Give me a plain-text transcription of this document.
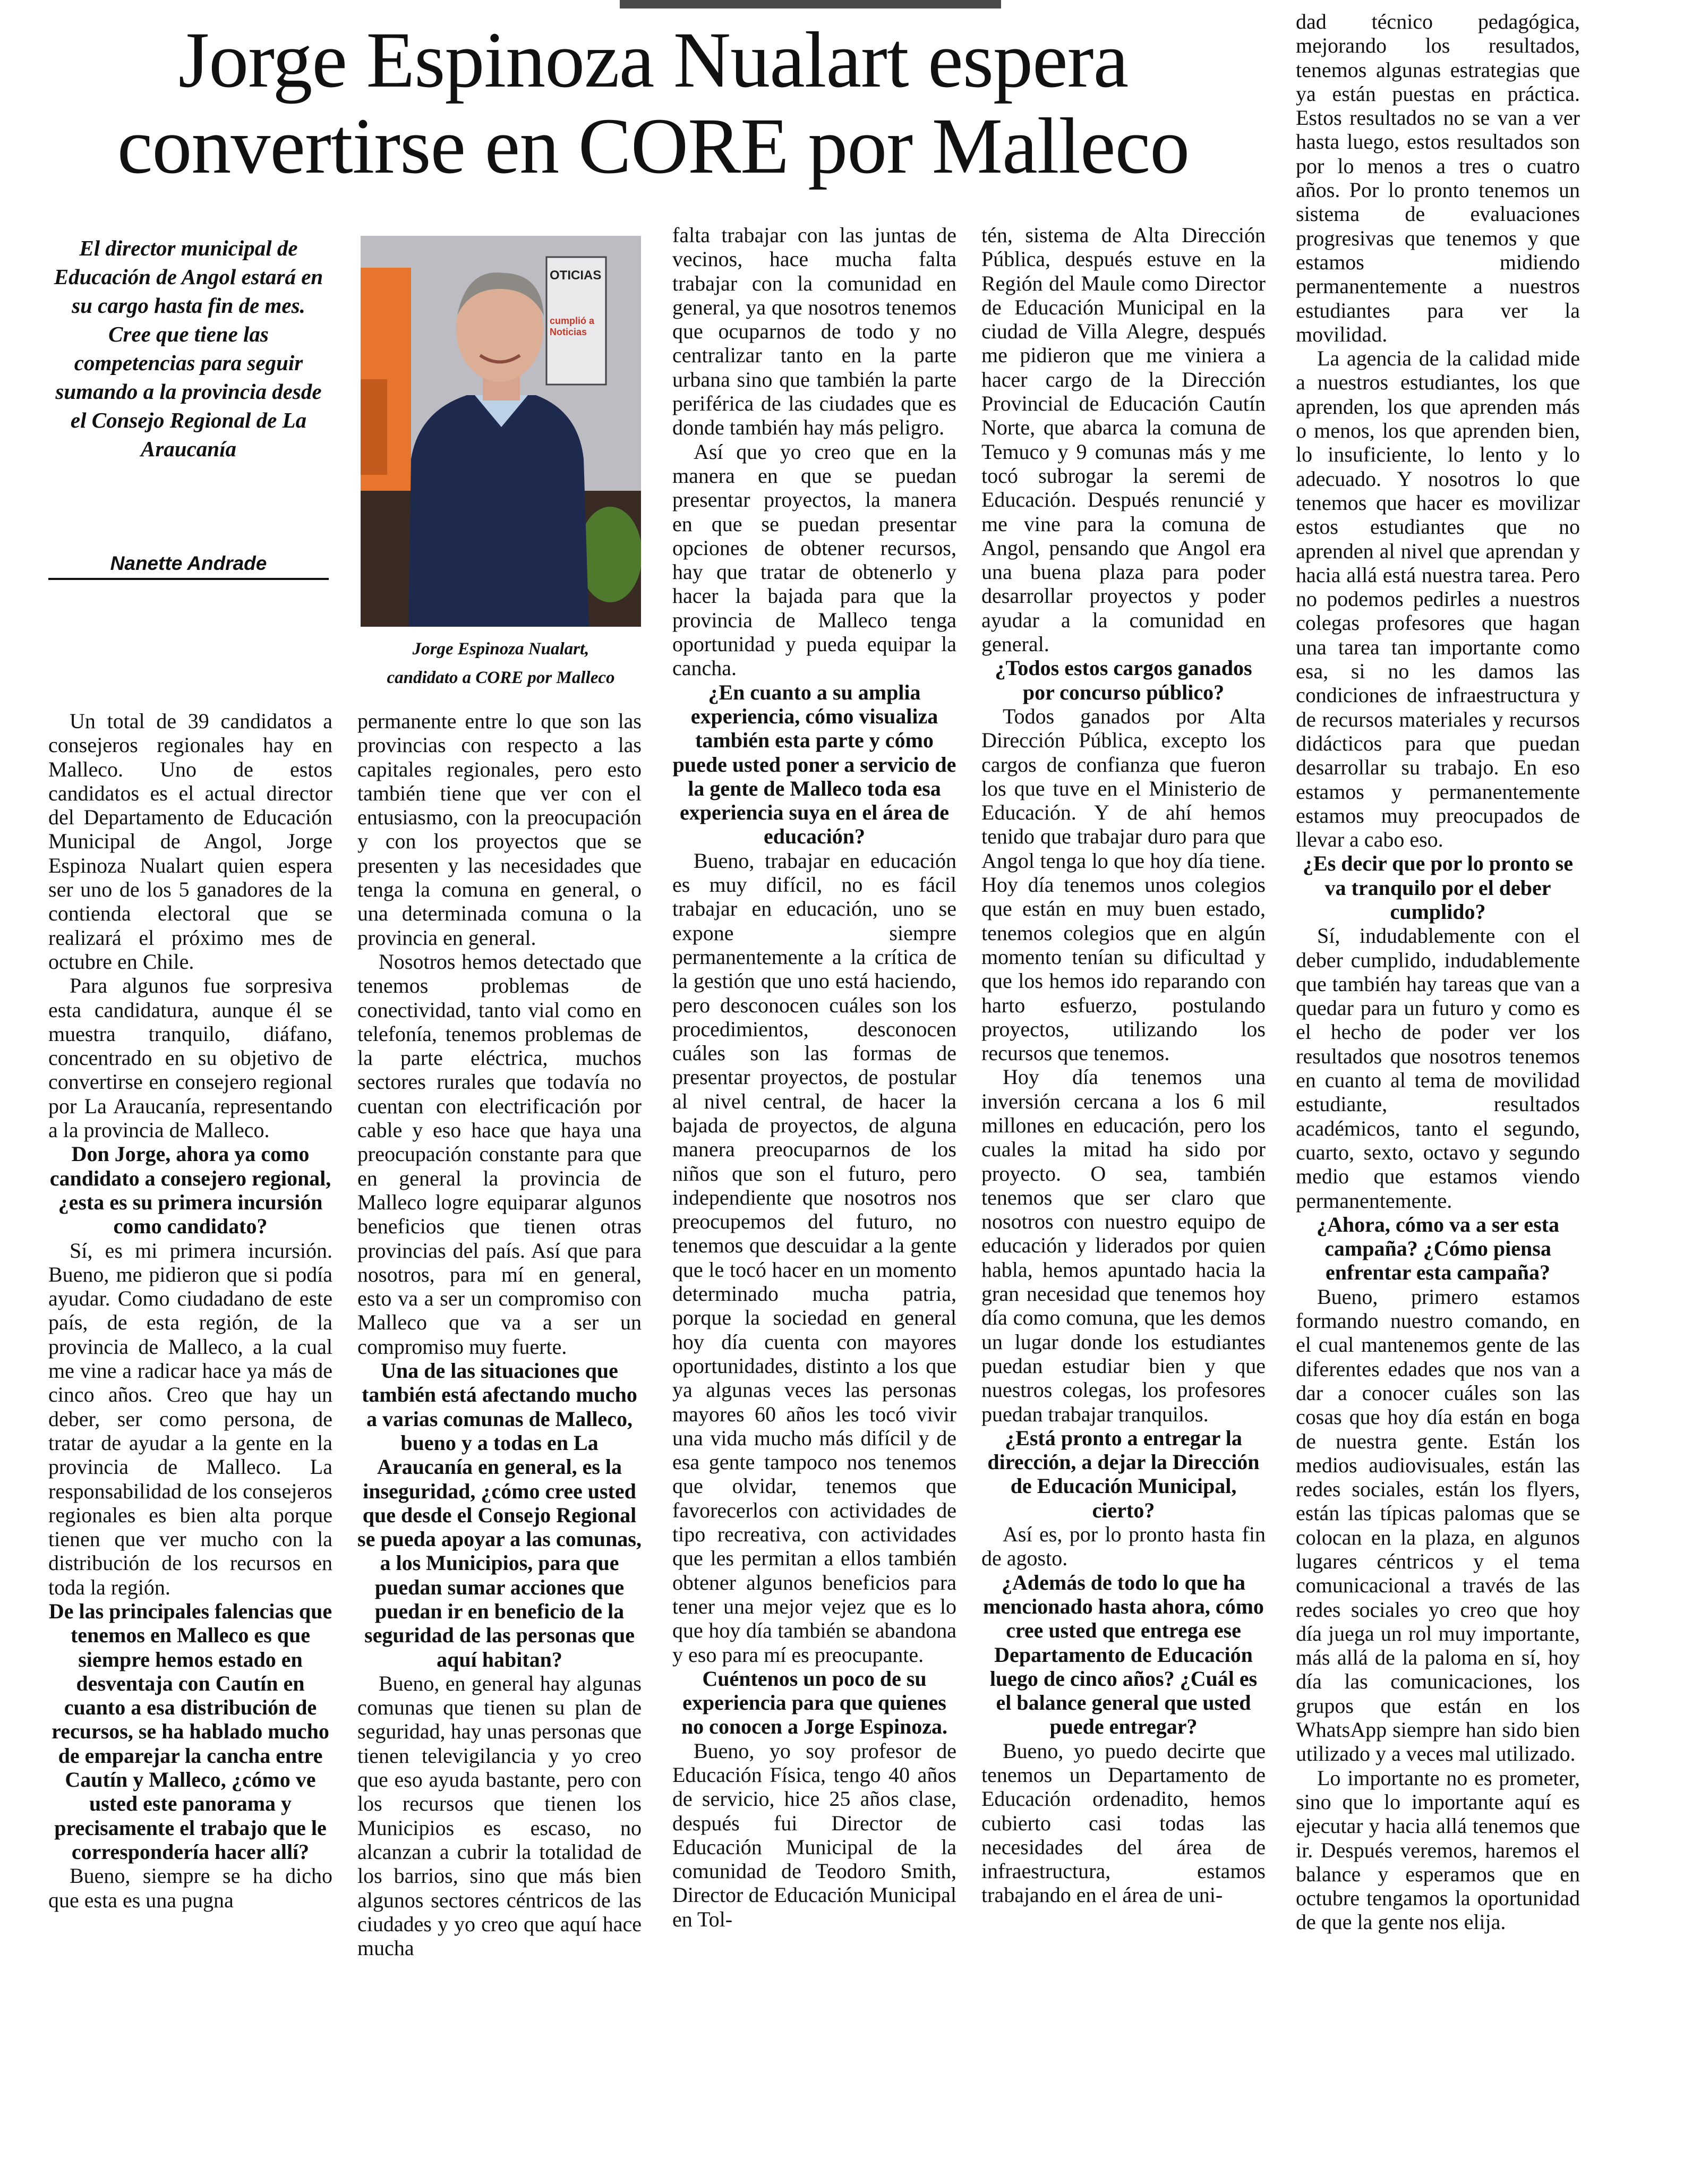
Jorge Espinoza Nualart espera
convertirse en CORE por Malleco
El director municipal de Educación de Angol estará en su cargo hasta fin de mes. Cree que tiene las competencias para seguir sumando a la provincia desde el Consejo Regional de La Araucanía
Nanette Andrade
OTICIAS
cumplió a Noticias
Jorge Espinoza Nualart,
candidato a CORE por Malleco

Un total de 39 candidatos a consejeros regionales hay en Malleco. Uno de estos candidatos es el actual director del Departamento de Educación Municipal de Angol, Jorge Espinoza Nualart quien espera ser uno de los 5 ganadores de la contienda electoral que se realizará el próximo mes de octubre en Chile.

Para algunos fue sorpresiva esta candidatura, aunque él se muestra tranquilo, diáfano, concentrado en su objetivo de convertirse en consejero regional por La Araucanía, representando a la provincia de Malleco.

Don Jorge, ahora ya como candidato a consejero regional, ¿esta es su primera incursión como candidato?

Sí, es mi primera incursión. Bueno, me pidieron que si podía ayudar. Como ciudadano de este país, de esta región, de la provincia de Malleco, a la cual me vine a radicar hace ya más de cinco años. Creo que hay un deber, ser como persona, de tratar de ayudar a la gente en la provincia de Malleco. La responsabilidad de los consejeros regionales es bien alta porque tienen que ver mucho con la distribución de los recursos en toda la región.

De las principales falencias que tenemos en Malleco es que siempre hemos estado en desventaja con Cautín en cuanto a esa distribución de recursos, se ha hablado mucho de emparejar la cancha entre Cautín y Malleco, ¿cómo ve usted este panorama y precisamente el trabajo que le correspondería hacer allí?

Bueno, siempre se ha dicho que esta es una pugna

permanente entre lo que son las provincias con respecto a las capitales regionales, pero esto también tiene que ver con el entusiasmo, con la preocupación y con los proyectos que se presenten y las necesidades que tenga la comuna en general, o una determinada comuna o la provincia en general.

Nosotros hemos detectado que tenemos problemas de conectividad, tanto vial como en telefonía, tenemos problemas de la parte eléctrica, muchos sectores rurales que todavía no cuentan con electrificación por cable y eso hace que haya una preocupación constante para que en general la provincia de Malleco logre equiparar algunos beneficios que tienen otras provincias del país. Así que para nosotros, para mí en general, esto va a ser un compromiso con Malleco que va a ser un compromiso muy fuerte.

Una de las situaciones que también está afectando mucho a varias comunas de Malleco, bueno y a todas en La Araucanía en general, es la inseguridad, ¿cómo cree usted que desde el Consejo Regional se pueda apoyar a las comunas, a los Municipios, para que puedan sumar acciones que puedan ir en beneficio de la seguridad de las personas que aquí habitan?

Bueno, en general hay algunas comunas que tienen su plan de seguridad, hay unas personas que tienen televigilancia y yo creo que eso ayuda bastante, pero con los recursos que tienen los Municipios es escaso, no alcanzan a cubrir la totalidad de los barrios, sino que más bien algunos sectores céntricos de las ciudades y yo creo que aquí hace mucha

falta trabajar con las juntas de vecinos, hace mucha falta trabajar con la comunidad en general, ya que nosotros tenemos que ocuparnos de todo y no centralizar tanto en la parte urbana sino que también la parte periférica de las ciudades que es donde también hay más peligro.

Así que yo creo que en la manera en que se puedan presentar proyectos, la manera en que se puedan presentar opciones de obtener recursos, hay que tratar de obtenerlo y hacer la bajada para que la provincia de Malleco tenga oportunidad y pueda equipar la cancha.

¿En cuanto a su amplia experiencia, cómo visualiza también esta parte y cómo puede usted poner a servicio de la gente de Malleco toda esa experiencia suya en el área de educación?

Bueno, trabajar en educación es muy difícil, no es fácil trabajar en educación, uno se expone siempre permanentemente a la crítica de la gestión que uno está haciendo, pero desconocen cuáles son los procedimientos, desconocen cuáles son las formas de presentar proyectos, de postular al nivel central, de hacer la bajada de proyectos, de alguna manera preocuparnos de los niños que son el futuro, pero independiente que nosotros nos preocupemos del futuro, no tenemos que descuidar a la gente que le tocó hacer en un momento determinado mucha patria, porque la sociedad en general hoy día cuenta con mayores oportunidades, distinto a los que ya algunas veces las personas mayores 60 años les tocó vivir una vida mucho más difícil y de esa gente tampoco nos tenemos que olvidar, tenemos que favorecerlos con actividades de tipo recreativa, con actividades que les permitan a ellos también obtener algunos beneficios para tener una mejor vejez que es lo que hoy día también se abandona y eso para mí es preocupante.

Cuéntenos un poco de su experiencia para que quienes no conocen a Jorge Espinoza.

Bueno, yo soy profesor de Educación Física, tengo 40 años de servicio, hice 25 años clase, después fui Director de Educación Municipal de la comunidad de Teodoro Smith, Director de Educación Municipal en Tol-

tén, sistema de Alta Dirección Pública, después estuve en la Región del Maule como Director de Educación Municipal en la ciudad de Villa Alegre, después me pidieron que me viniera a hacer cargo de la Dirección Provincial de Educación Cautín Norte, que abarca la comuna de Temuco y 9 comunas más y me tocó subrogar la seremi de Educación. Después renuncié y me vine para la comuna de Angol, pensando que Angol era una buena plaza para poder desarrollar proyectos y poder ayudar a la comunidad en general.

¿Todos estos cargos ganados por concurso público?

Todos ganados por Alta Dirección Pública, excepto los cargos de confianza que fueron los que tuve en el Ministerio de Educación. Y de ahí hemos tenido que trabajar duro para que Angol tenga lo que hoy día tiene. Hoy día tenemos unos colegios que están en muy buen estado, tenemos colegios que en algún momento tenían su dificultad y que los hemos ido reparando con harto esfuerzo, postulando proyectos, utilizando los recursos que tenemos.

Hoy día tenemos una inversión cercana a los 6 mil millones en educación, pero los cuales la mitad ha sido por proyecto. O sea, también tenemos que ser claro que nosotros con nuestro equipo de educación y liderados por quien habla, hemos apuntado hacia la gran necesidad que tenemos hoy día como comuna, que les demos un lugar donde los estudiantes puedan estudiar bien y que nuestros colegas, los profesores puedan trabajar tranquilos.

¿Está pronto a entregar la dirección, a dejar la Dirección de Educación Municipal, cierto?

Así es, por lo pronto hasta fin de agosto.

¿Además de todo lo que ha mencionado hasta ahora, cómo cree usted que entrega ese Departamento de Educación luego de cinco años? ¿Cuál es el balance general que usted puede entregar?

Bueno, yo puedo decirte que tenemos un Departamento de Educación ordenadito, hemos cubierto casi todas las necesidades del área de infraestructura, estamos trabajando en el área de uni-

dad técnico pedagógica, mejorando los resultados, tenemos algunas estrategias que ya están puestas en práctica. Estos resultados no se van a ver hasta luego, estos resultados son por lo menos a tres o cuatro años. Por lo pronto tenemos un sistema de evaluaciones progresivas que tenemos y que estamos midiendo permanentemente a nuestros estudiantes para ver la movilidad.

La agencia de la calidad mide a nuestros estudiantes, los que aprenden, los que aprenden más o menos, los que aprenden bien, lo insuficiente, lo lento y lo adecuado. Y nosotros lo que tenemos que hacer es movilizar estos estudiantes que no aprenden al nivel que aprendan y hacia allá está nuestra tarea. Pero no podemos pedirles a nuestros colegas profesores que hagan una tarea tan importante como esa, si no les damos las condiciones de infraestructura y de recursos materiales y recursos didácticos para que puedan desarrollar su trabajo. En eso estamos y permanentemente estamos muy preocupados de llevar a cabo eso.

¿Es decir que por lo pronto se va tranquilo por el deber cumplido?

Sí, indudablemente con el deber cumplido, indudablemente que también hay tareas que van a quedar para un futuro y como es el hecho de poder ver los resultados que nosotros tenemos en cuanto al tema de movilidad estudiante, resultados académicos, tanto el segundo, cuarto, sexto, octavo y segundo medio que estamos viendo permanentemente.

¿Ahora, cómo va a ser esta campaña? ¿Cómo piensa enfrentar esta campaña?

Bueno, primero estamos formando nuestro comando, en el cual mantenemos gente de las diferentes edades que nos van a dar a conocer cuáles son las cosas que hoy día están en boga de nuestra gente. Están los medios audiovisuales, están las redes sociales, están los flyers, están las típicas palomas que se colocan en la plaza, en algunos lugares céntricos y el tema comunicacional a través de las redes sociales yo creo que hoy día juega un rol muy importante, más allá de la paloma en sí, hoy día las comunicaciones, los grupos que están en los WhatsApp siempre han sido bien utilizado y a veces mal utilizado.

Lo importante no es prometer, sino que lo importante aquí es ejecutar y hacia allá tenemos que ir. Después veremos, haremos el balance y esperamos que en octubre tengamos la oportunidad de que la gente nos elija.
